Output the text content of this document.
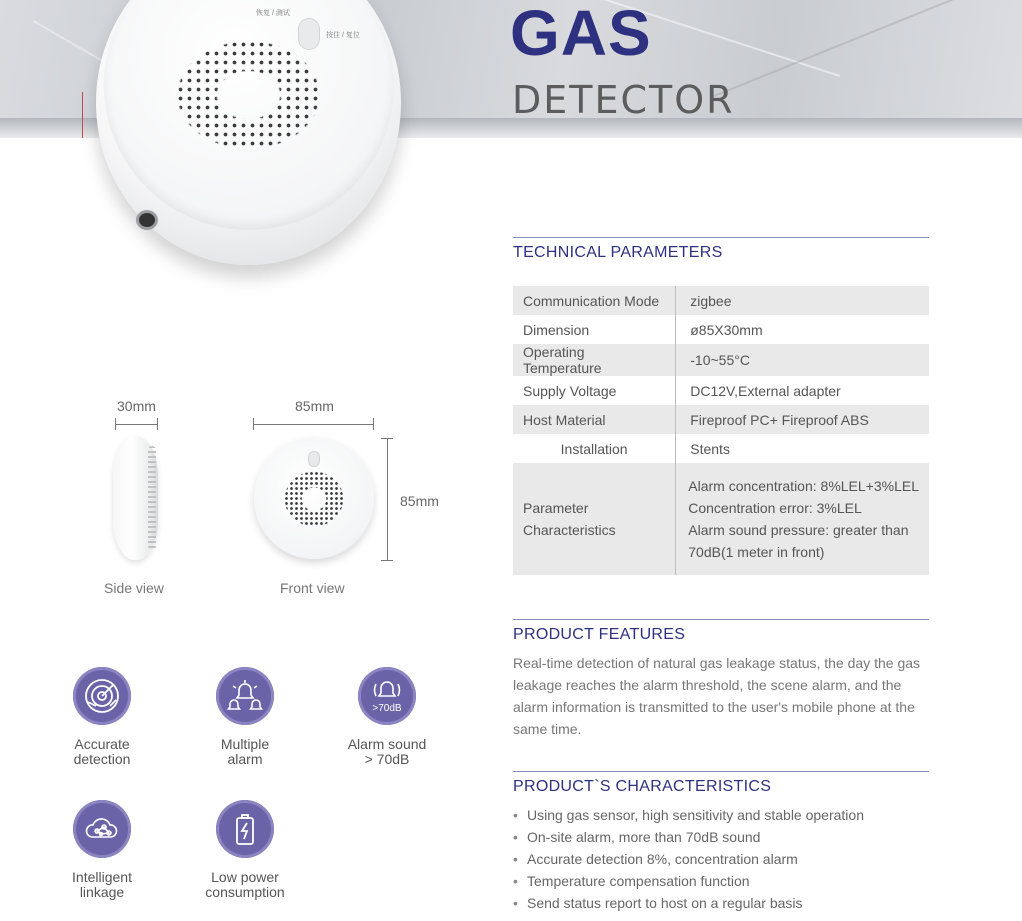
GAS
DETECTOR
恢复 / 测试
按住 / 复位
30mm
Side view
85mm
Front view
85mm
Accurate
detection
Multiple
alarm
>70dB
Alarm sound
> 70dB
Intelligent
linkage
Low power
consumption
TECHNICAL PARAMETERS
Communication Mode	zigbee
Dimension	ø85X30mm
Operating Temperature	-10~55°C
Supply Voltage	DC12V,External adapter
Host Material	Fireproof PC+ Fireproof ABS
Installation	Stents
Parameter Characteristics	Alarm concentration: 8%LEL+3%LEL
Concentration error: 3%LEL
Alarm sound pressure: greater than
70dB(1 meter in front)
PRODUCT FEATURES
Real-time detection of natural gas leakage status, the day the gas leakage reaches the alarm threshold, the scene alarm, and the alarm information is transmitted to the user's mobile phone at the same time.
PRODUCT`S CHARACTERISTICS
• Using gas sensor, high sensitivity and stable operation
• On-site alarm, more than 70dB sound
• Accurate detection 8%, concentration alarm
• Temperature compensation function
• Send status report to host on a regular basis
